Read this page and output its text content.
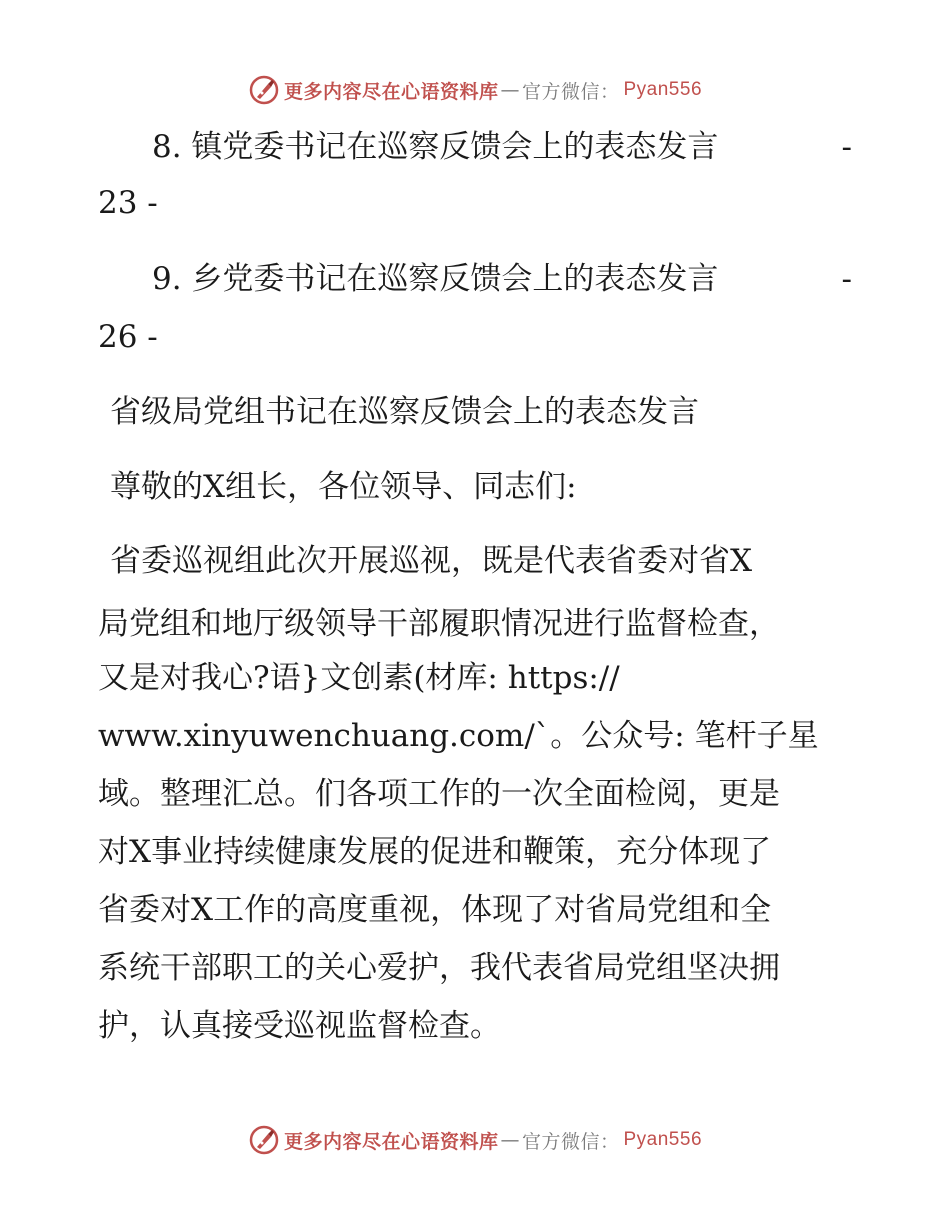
更多内容尽在心语资料库 — 官方微信： Pyan556
8. 镇党委书记在巡察反馈会上的表态发言	-
23 -
9. 乡党委书记在巡察反馈会上的表态发言	-
26 -
省级局党组书记在巡察反馈会上的表态发言
尊敬的X组长，各位领导、同志们:
省委巡视组此次开展巡视，既是代表省委对省X
局党组和地厅级领导干部履职情况进行监督检查，
又是对我心?语}文创素(材库: https://
www.xinyuwenchuang.com/`。公众号: 笔杆子星
域。整理汇总。们各项工作的一次全面检阅，更是
对X事业持续健康发展的促进和鞭策，充分体现了
省委对X工作的高度重视，体现了对省局党组和全
系统干部职工的关心爱护，我代表省局党组坚决拥
护，认真接受巡视监督检查。
更多内容尽在心语资料库 — 官方微信： Pyan556
